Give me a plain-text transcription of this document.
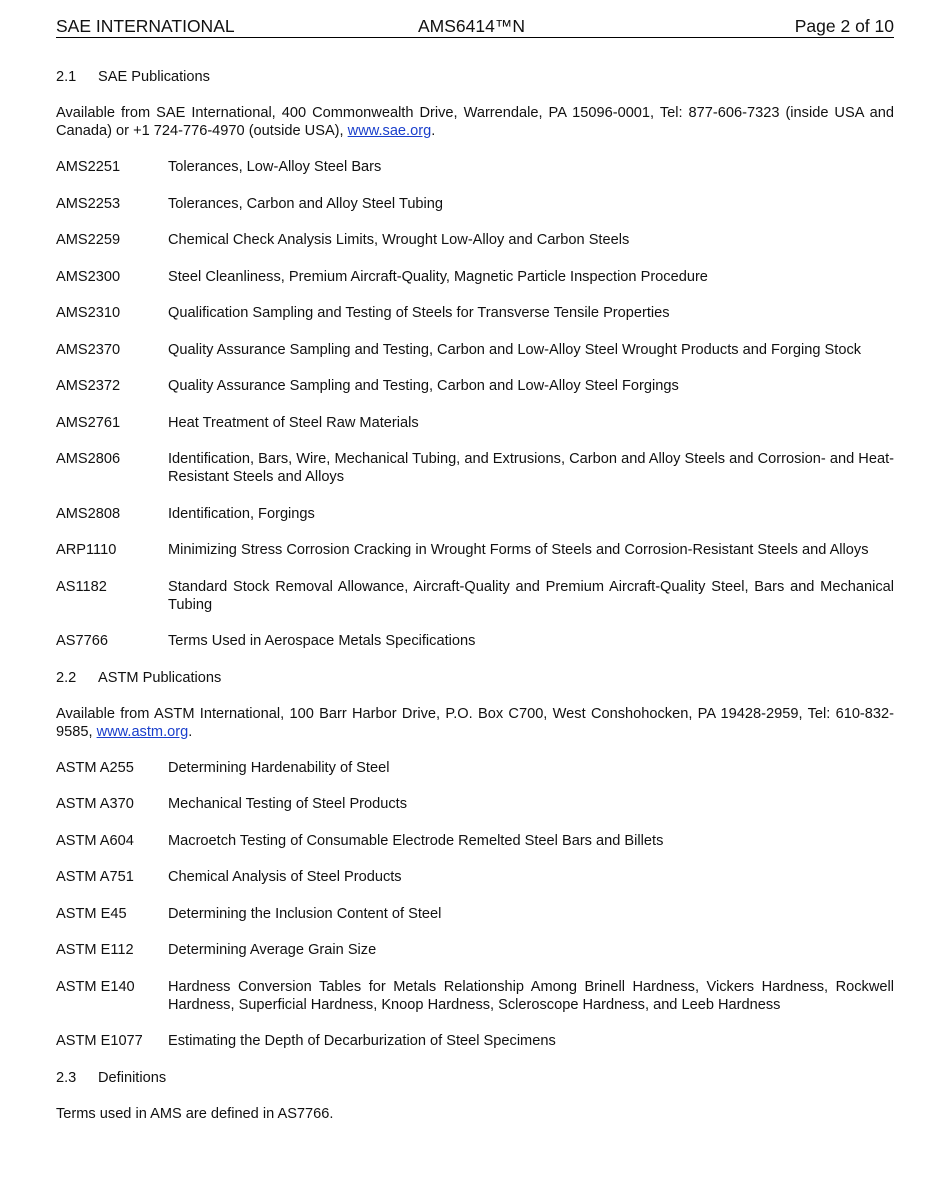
SAE INTERNATIONAL	AMS6414™N	Page 2 of 10
2.1	SAE Publications
Available from SAE International, 400 Commonwealth Drive, Warrendale, PA 15096-0001, Tel: 877-606-7323 (inside USA and Canada) or +1 724-776-4970 (outside USA), www.sae.org.
AMS2251	Tolerances, Low-Alloy Steel Bars
AMS2253	Tolerances, Carbon and Alloy Steel Tubing
AMS2259	Chemical Check Analysis Limits, Wrought Low-Alloy and Carbon Steels
AMS2300	Steel Cleanliness, Premium Aircraft-Quality, Magnetic Particle Inspection Procedure
AMS2310	Qualification Sampling and Testing of Steels for Transverse Tensile Properties
AMS2370	Quality Assurance Sampling and Testing, Carbon and Low-Alloy Steel Wrought Products and Forging Stock
AMS2372	Quality Assurance Sampling and Testing, Carbon and Low-Alloy Steel Forgings
AMS2761	Heat Treatment of Steel Raw Materials
AMS2806	Identification, Bars, Wire, Mechanical Tubing, and Extrusions, Carbon and Alloy Steels and Corrosion- and Heat-Resistant Steels and Alloys
AMS2808	Identification, Forgings
ARP1110	Minimizing Stress Corrosion Cracking in Wrought Forms of Steels and Corrosion-Resistant Steels and Alloys
AS1182	Standard Stock Removal Allowance, Aircraft-Quality and Premium Aircraft-Quality Steel, Bars and Mechanical Tubing
AS7766	Terms Used in Aerospace Metals Specifications
2.2	ASTM Publications
Available from ASTM International, 100 Barr Harbor Drive, P.O. Box C700, West Conshohocken, PA 19428-2959, Tel: 610-832-9585, www.astm.org.
ASTM A255	Determining Hardenability of Steel
ASTM A370	Mechanical Testing of Steel Products
ASTM A604	Macroetch Testing of Consumable Electrode Remelted Steel Bars and Billets
ASTM A751	Chemical Analysis of Steel Products
ASTM E45	Determining the Inclusion Content of Steel
ASTM E112	Determining Average Grain Size
ASTM E140	Hardness Conversion Tables for Metals Relationship Among Brinell Hardness, Vickers Hardness, Rockwell Hardness, Superficial Hardness, Knoop Hardness, Scleroscope Hardness, and Leeb Hardness
ASTM E1077	Estimating the Depth of Decarburization of Steel Specimens
2.3	Definitions
Terms used in AMS are defined in AS7766.
